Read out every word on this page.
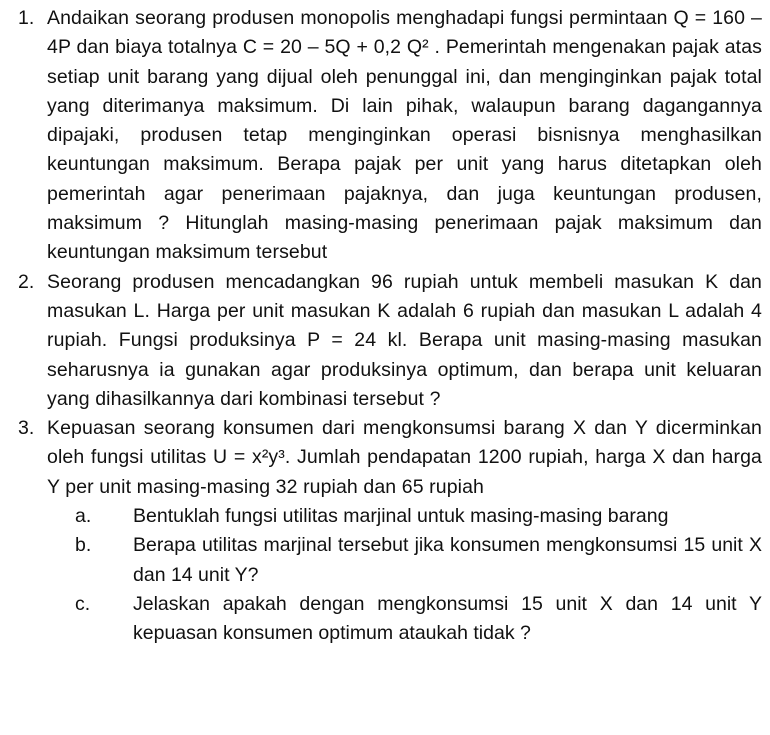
1. Andaikan seorang produsen monopolis menghadapi fungsi permintaan Q = 160 – 4P dan biaya totalnya C = 20 – 5Q + 0,2 Q² . Pemerintah mengenakan pajak atas setiap unit barang yang dijual oleh penunggal ini, dan menginginkan pajak total yang diterimanya maksimum. Di lain pihak, walaupun barang dagangannya dipajaki, produsen tetap menginginkan operasi bisnisnya menghasilkan keuntungan maksimum. Berapa pajak per unit yang harus ditetapkan oleh pemerintah agar penerimaan pajaknya, dan juga keuntungan produsen, maksimum ? Hitunglah masing-masing penerimaan pajak maksimum dan keuntungan maksimum tersebut
2. Seorang produsen mencadangkan 96 rupiah untuk membeli masukan K dan masukan L. Harga per unit masukan K adalah 6 rupiah dan masukan L adalah 4 rupiah. Fungsi produksinya P = 24 kl. Berapa unit masing-masing masukan seharusnya ia gunakan agar produksinya optimum, dan berapa unit keluaran yang dihasilkannya dari kombinasi tersebut ?
3. Kepuasan seorang konsumen dari mengkonsumsi barang X dan Y dicerminkan oleh fungsi utilitas U = x²y³. Jumlah pendapatan 1200 rupiah, harga X dan harga Y per unit masing-masing 32 rupiah dan 65 rupiah
a.	Bentuklah fungsi utilitas marjinal untuk masing-masing barang
b.	Berapa utilitas marjinal tersebut jika konsumen mengkonsumsi 15 unit X dan 14 unit Y?
c.	Jelaskan apakah dengan mengkonsumsi 15 unit X dan 14 unit Y kepuasan konsumen optimum ataukah tidak ?
